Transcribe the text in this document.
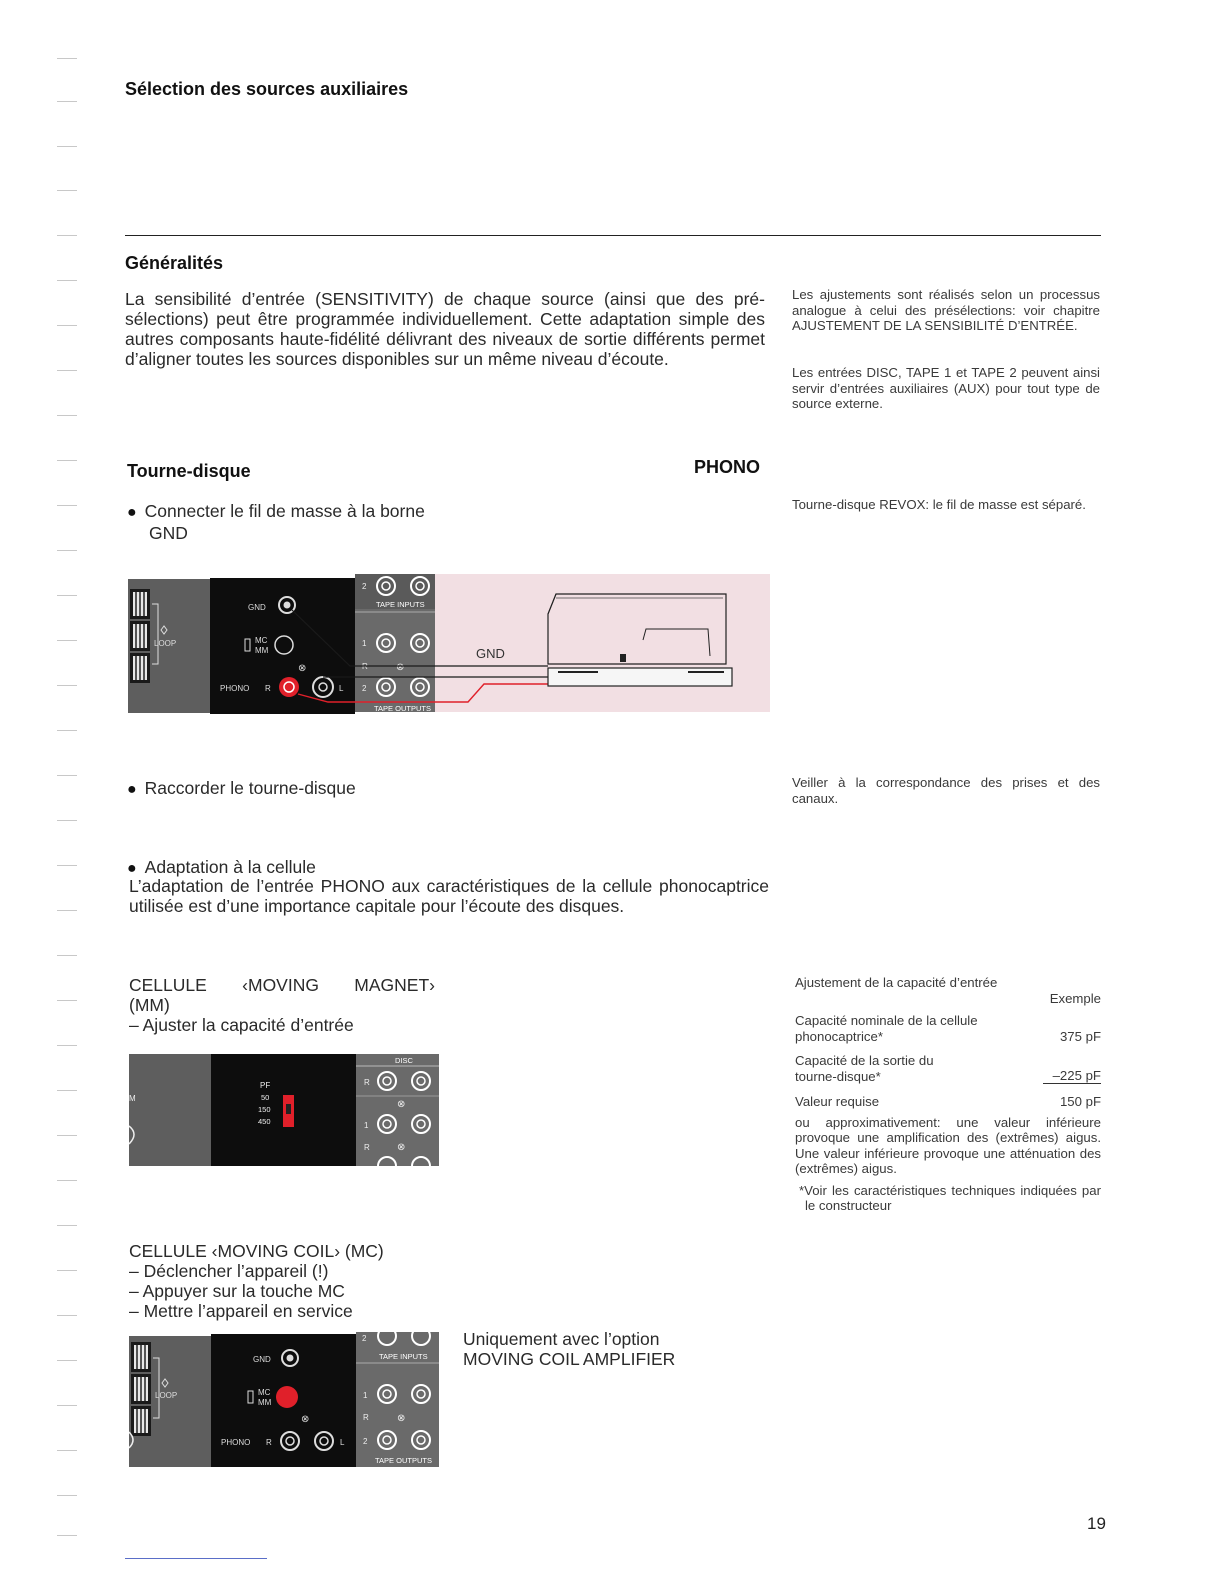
Sélection des sources auxiliaires
Généralités
La sensibilité d’entrée (SENSITIVITY) de chaque source (ainsi que des pré-sélections) peut être programmée individuellement. Cette adaptation simple des autres composants haute-fidélité délivrant des niveaux de sortie différents permet d’aligner toutes les sources disponibles sur un même niveau d’écoute.
Les ajustements sont réalisés selon un processus analogue à celui des présélections: voir chapitre AJUSTEMENT DE LA SENSIBILITÉ D’ENTRÉE.
Les entrées DISC, TAPE 1 et TAPE 2 peuvent ainsi servir d’entrées auxiliaires (AUX) pour tout type de source externe.
Tourne-disque	PHONO
● Connecter le fil de masse à la borne GND
Tourne-disque REVOX: le fil de masse est séparé.
LOOP
GND
MC
MM
⊗
PHONO R	L
2
TAPE INPUTS
1
R	⊗
2
TAPE OUTPUTS
GND
● Raccorder le tourne-disque	Veiller à la correspondance des prises et des canaux.
● Adaptation à la cellule
L’adaptation de l’entrée PHONO aux caractéristiques de la cellule phonocaptrice utilisée est d’une importance capitale pour l’écoute des disques.
CELLULE ‹MOVING MAGNET›
(MM)
– Ajuster la capacité d’entrée
M
PF
50
150
450
DISC
R
⊗
1
R	⊗
Ajustement de la capacité d’entrée
Exemple
Capacité nominale de la cellule phonocaptrice*	375 pF
Capacité de la sortie du tourne-disque*	–225 pF
Valeur requise	150 pF
ou approximativement: une valeur inférieure provoque une amplification des (extrêmes) aigus. Une valeur inférieure provoque une atténuation des (extrêmes) aigus.
*Voir les caractéristiques techniques indiquées par le constructeur
CELLULE ‹MOVING COIL› (MC)
– Déclencher l’appareil (!)
– Appuyer sur la touche MC
– Mettre l’appareil en service
Uniquement avec l’option MOVING COIL AMPLIFIER
LOOP
GND
MC
MM
⊗
PHONO R	L
2
TAPE INPUTS
1
R	⊗
2
TAPE OUTPUTS
19
